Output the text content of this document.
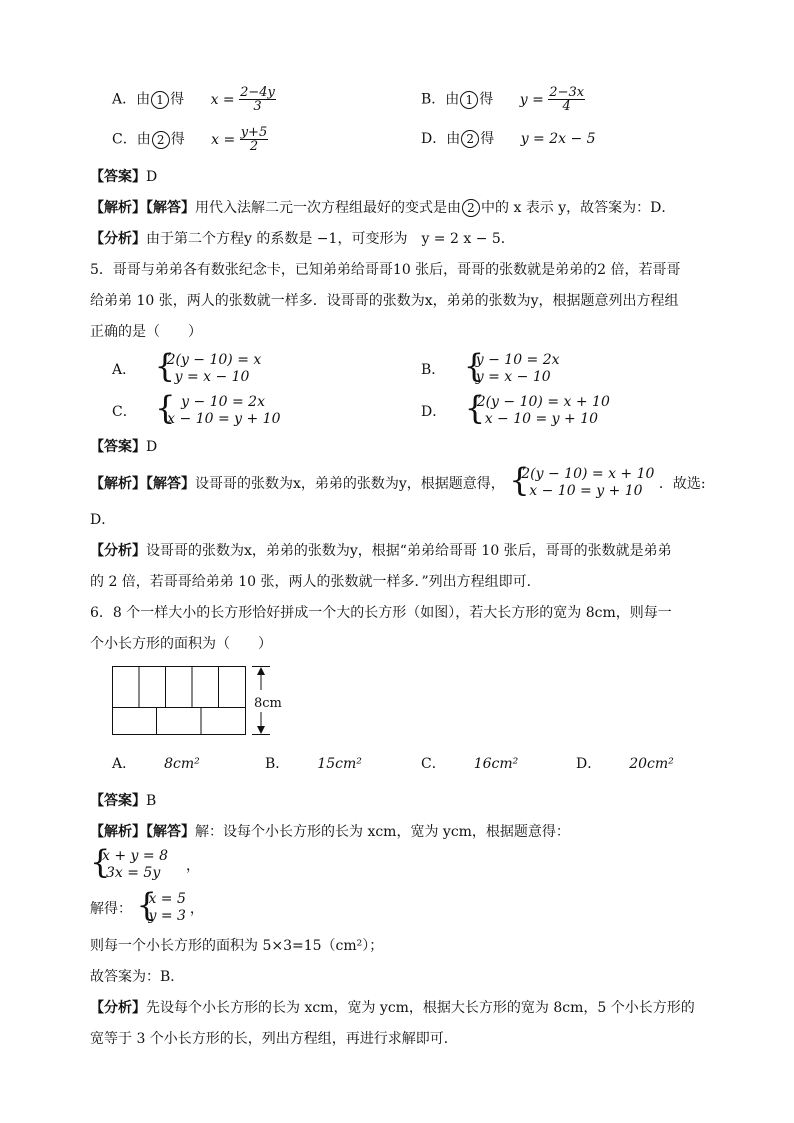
A．由 1 得 $x = \frac{2-4y}{3}$	B．由 1 得 $y = \frac{2-3x}{4}$
C．由 2 得 $x = \frac{y+5}{2}$	D．由 2 得 y = 2x − 5
【答案】D
【解析】【解答】用代入法解二元一次方程组最好的变式是由 2 中的 x 表示 y，故答案为：D．
【分析】由于第二个方程y 的系数是 −1，可变形为　y = 2 x − 5．
5．哥哥与弟弟各有数张纪念卡，已知弟弟给哥哥10 张后，哥哥的张数就是弟弟的2 倍，若哥哥
给弟弟 10 张，两人的张数就一样多．设哥哥的张数为x，弟弟的张数为y，根据题意列出方程组
正确的是（　　）
A． {
2(y − 10) = x
y = x − 10	B． {
y − 10 = 2x
y = x − 10
C． { y − 10 = 2x
x − 10 = y + 10	D． {
2(y − 10) = x + 10
x − 10 = y + 10
【答案】D
【解析】【解答】设哥哥的张数为x，弟弟的张数为y，根据题意得， {
2(y − 10) = x + 10
x − 10 = y + 10	．故选:
D．
【分析】设哥哥的张数为x，弟弟的张数为y，根据“弟弟给哥哥 10 张后，哥哥的张数就是弟弟
的 2 倍，若哥哥给弟弟 10 张，两人的张数就一样多．”列出方程组即可．
6．8 个一样大小的长方形恰好拼成一个大的长方形（如图），若大长方形的宽为 8cm，则每一
个小长方形的面积为（　　）
8cm
A． 8cm²	B． 15cm²	C． 16cm²	D． 20cm²
【答案】B
【解析】【解答】解：设每个小长方形的长为 xcm，宽为 ycm，根据题意得：
{
x + y = 8
3x = 5y	，
解得： {
x = 5
y = 3 ，
则每一个小长方形的面积为 5×3=15（cm²）；
故答案为：B．
【分析】先设每个小长方形的长为 xcm，宽为 ycm，根据大长方形的宽为 8cm，5 个小长方形的
宽等于 3 个小长方形的长，列出方程组，再进行求解即可．
